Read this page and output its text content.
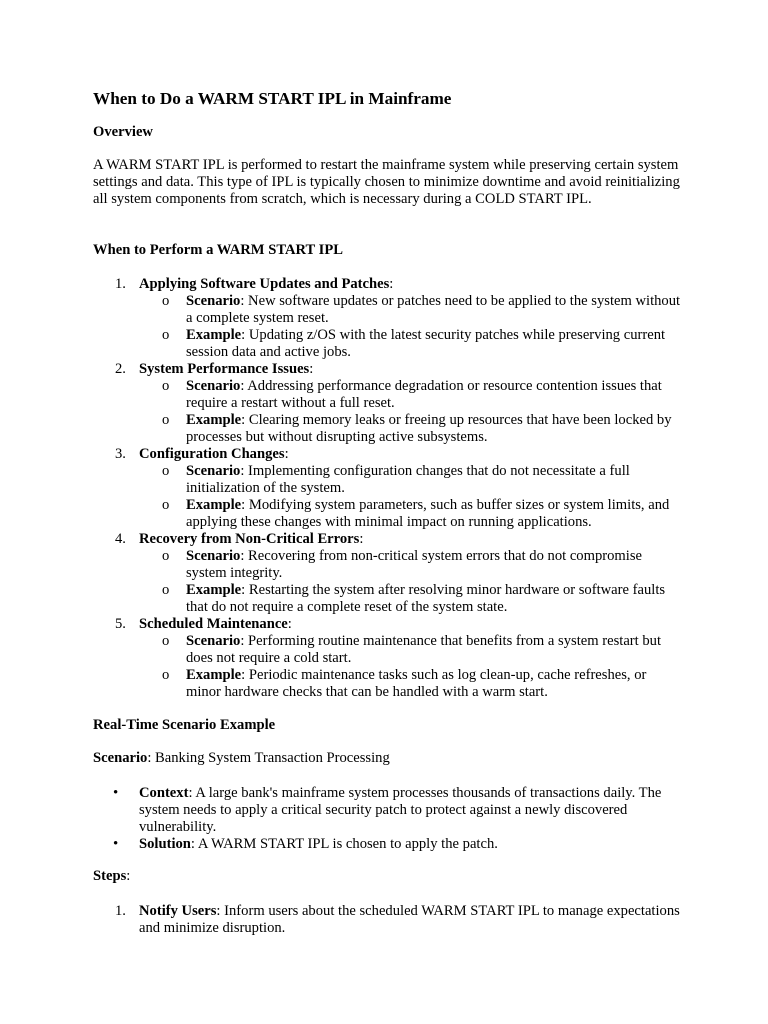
When to Do a WARM START IPL in Mainframe
Overview

A WARM START IPL is performed to restart the mainframe system while preserving certain system settings and data. This type of IPL is typically chosen to minimize downtime and avoid reinitializing all system components from scratch, which is necessary during a COLD START IPL.

When to Perform a WARM START IPL
1. Applying Software Updates and Patches:
o Scenario: New software updates or patches need to be applied to the system without a complete system reset.
o Example: Updating z/OS with the latest security patches while preserving current session data and active jobs.
2. System Performance Issues:
o Scenario: Addressing performance degradation or resource contention issues that require a restart without a full reset.
o Example: Clearing memory leaks or freeing up resources that have been locked by processes but without disrupting active subsystems.
3. Configuration Changes:
o Scenario: Implementing configuration changes that do not necessitate a full initialization of the system.
o Example: Modifying system parameters, such as buffer sizes or system limits, and applying these changes with minimal impact on running applications.
4. Recovery from Non-Critical Errors:
o Scenario: Recovering from non-critical system errors that do not compromise system integrity.
o Example: Restarting the system after resolving minor hardware or software faults that do not require a complete reset of the system state.
5. Scheduled Maintenance:
o Scenario: Performing routine maintenance that benefits from a system restart but does not require a cold start.
o Example: Periodic maintenance tasks such as log clean-up, cache refreshes, or minor hardware checks that can be handled with a warm start.
Real-Time Scenario Example

Scenario: Banking System Transaction Processing

• Context: A large bank's mainframe system processes thousands of transactions daily. The system needs to apply a critical security patch to protect against a newly discovered vulnerability.
• Solution: A WARM START IPL is chosen to apply the patch.

Steps:

1. Notify Users: Inform users about the scheduled WARM START IPL to manage expectations and minimize disruption.
